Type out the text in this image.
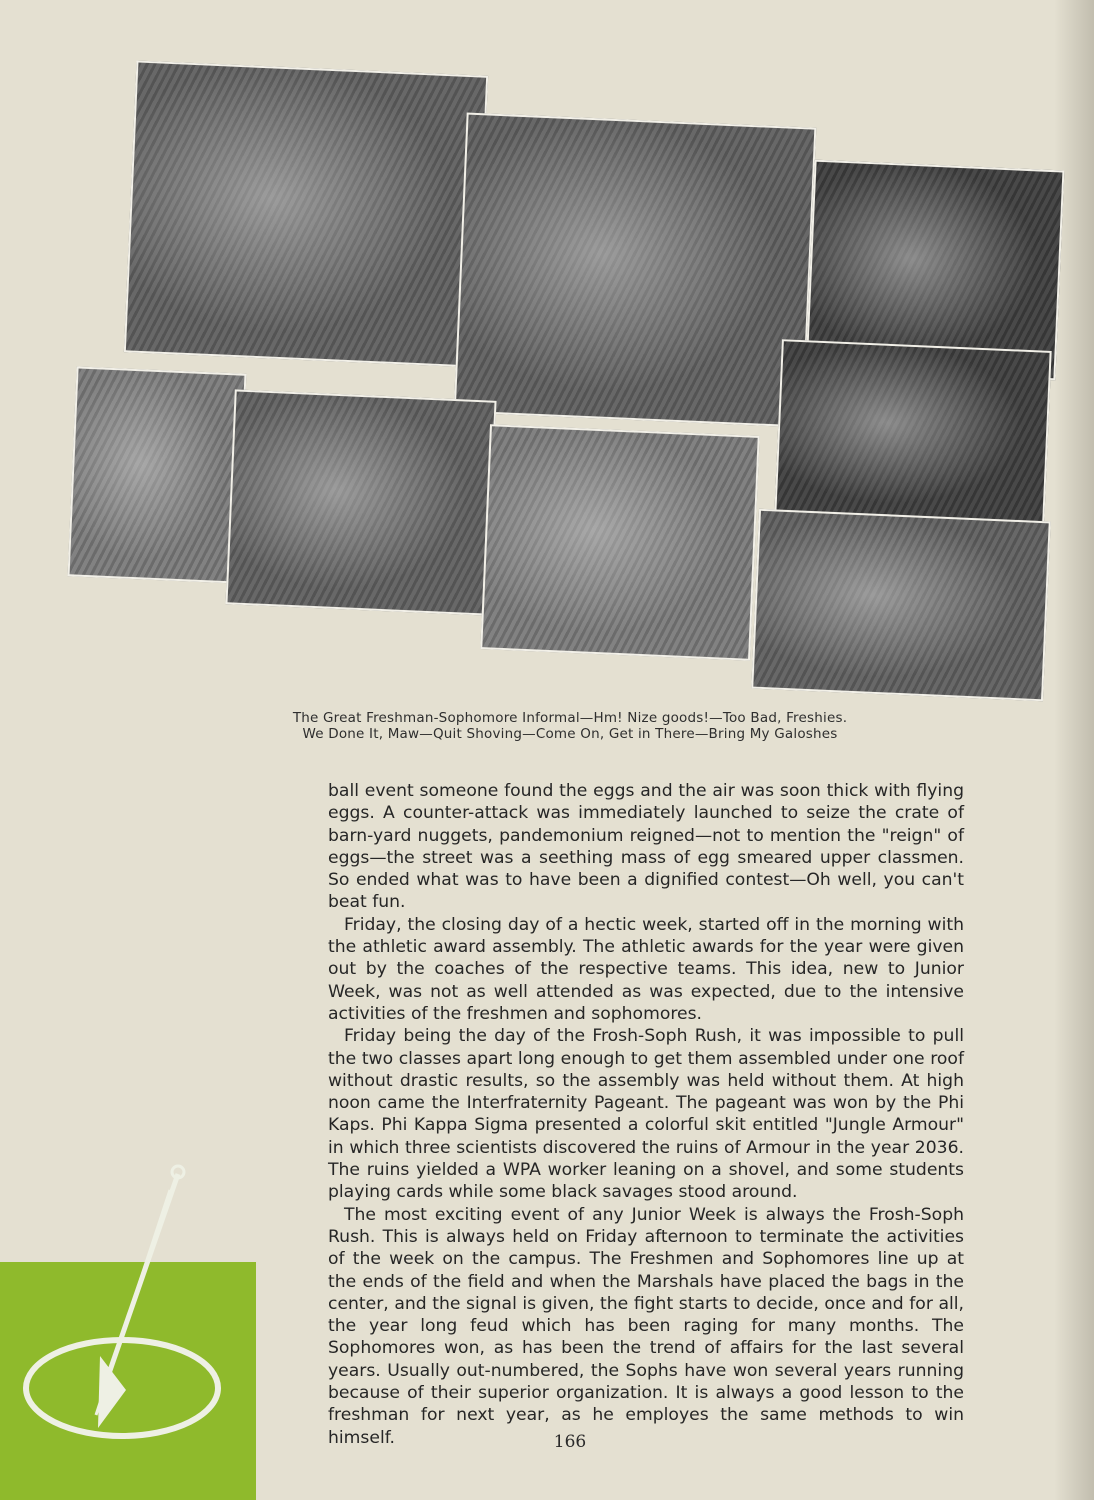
The Great Freshman-Sophomore Informal—Hm! Nize goods!—Too Bad, Freshies.
We Done It, Maw—Quit Shoving—Come On, Get in There—Bring My Galoshes

ball event someone found the eggs and the air was soon thick with flying eggs. A counter-attack was immediately launched to seize the crate of barn-yard nuggets, pandemonium reigned—not to mention the "reign" of eggs—the street was a seething mass of egg smeared upper classmen. So ended what was to have been a dignified contest—Oh well, you can't beat fun.

Friday, the closing day of a hectic week, started off in the morning with the athletic award assembly. The athletic awards for the year were given out by the coaches of the respective teams. This idea, new to Junior Week, was not as well attended as was expected, due to the intensive activities of the freshmen and sophomores.

Friday being the day of the Frosh-Soph Rush, it was impossible to pull the two classes apart long enough to get them assembled under one roof without drastic results, so the assembly was held without them. At high noon came the Interfraternity Pageant. The pageant was won by the Phi Kaps. Phi Kappa Sigma presented a colorful skit entitled "Jungle Armour" in which three scientists discovered the ruins of Armour in the year 2036. The ruins yielded a WPA worker leaning on a shovel, and some students playing cards while some black savages stood around.

The most exciting event of any Junior Week is always the Frosh-Soph Rush. This is always held on Friday afternoon to terminate the activities of the week on the campus. The Freshmen and Sophomores line up at the ends of the field and when the Marshals have placed the bags in the center, and the signal is given, the fight starts to decide, once and for all, the year long feud which has been raging for many months. The Sophomores won, as has been the trend of affairs for the last several years. Usually out-numbered, the Sophs have won several years running because of their superior organization. It is always a good lesson to the freshman for next year, as he employes the same methods to win himself.	166
